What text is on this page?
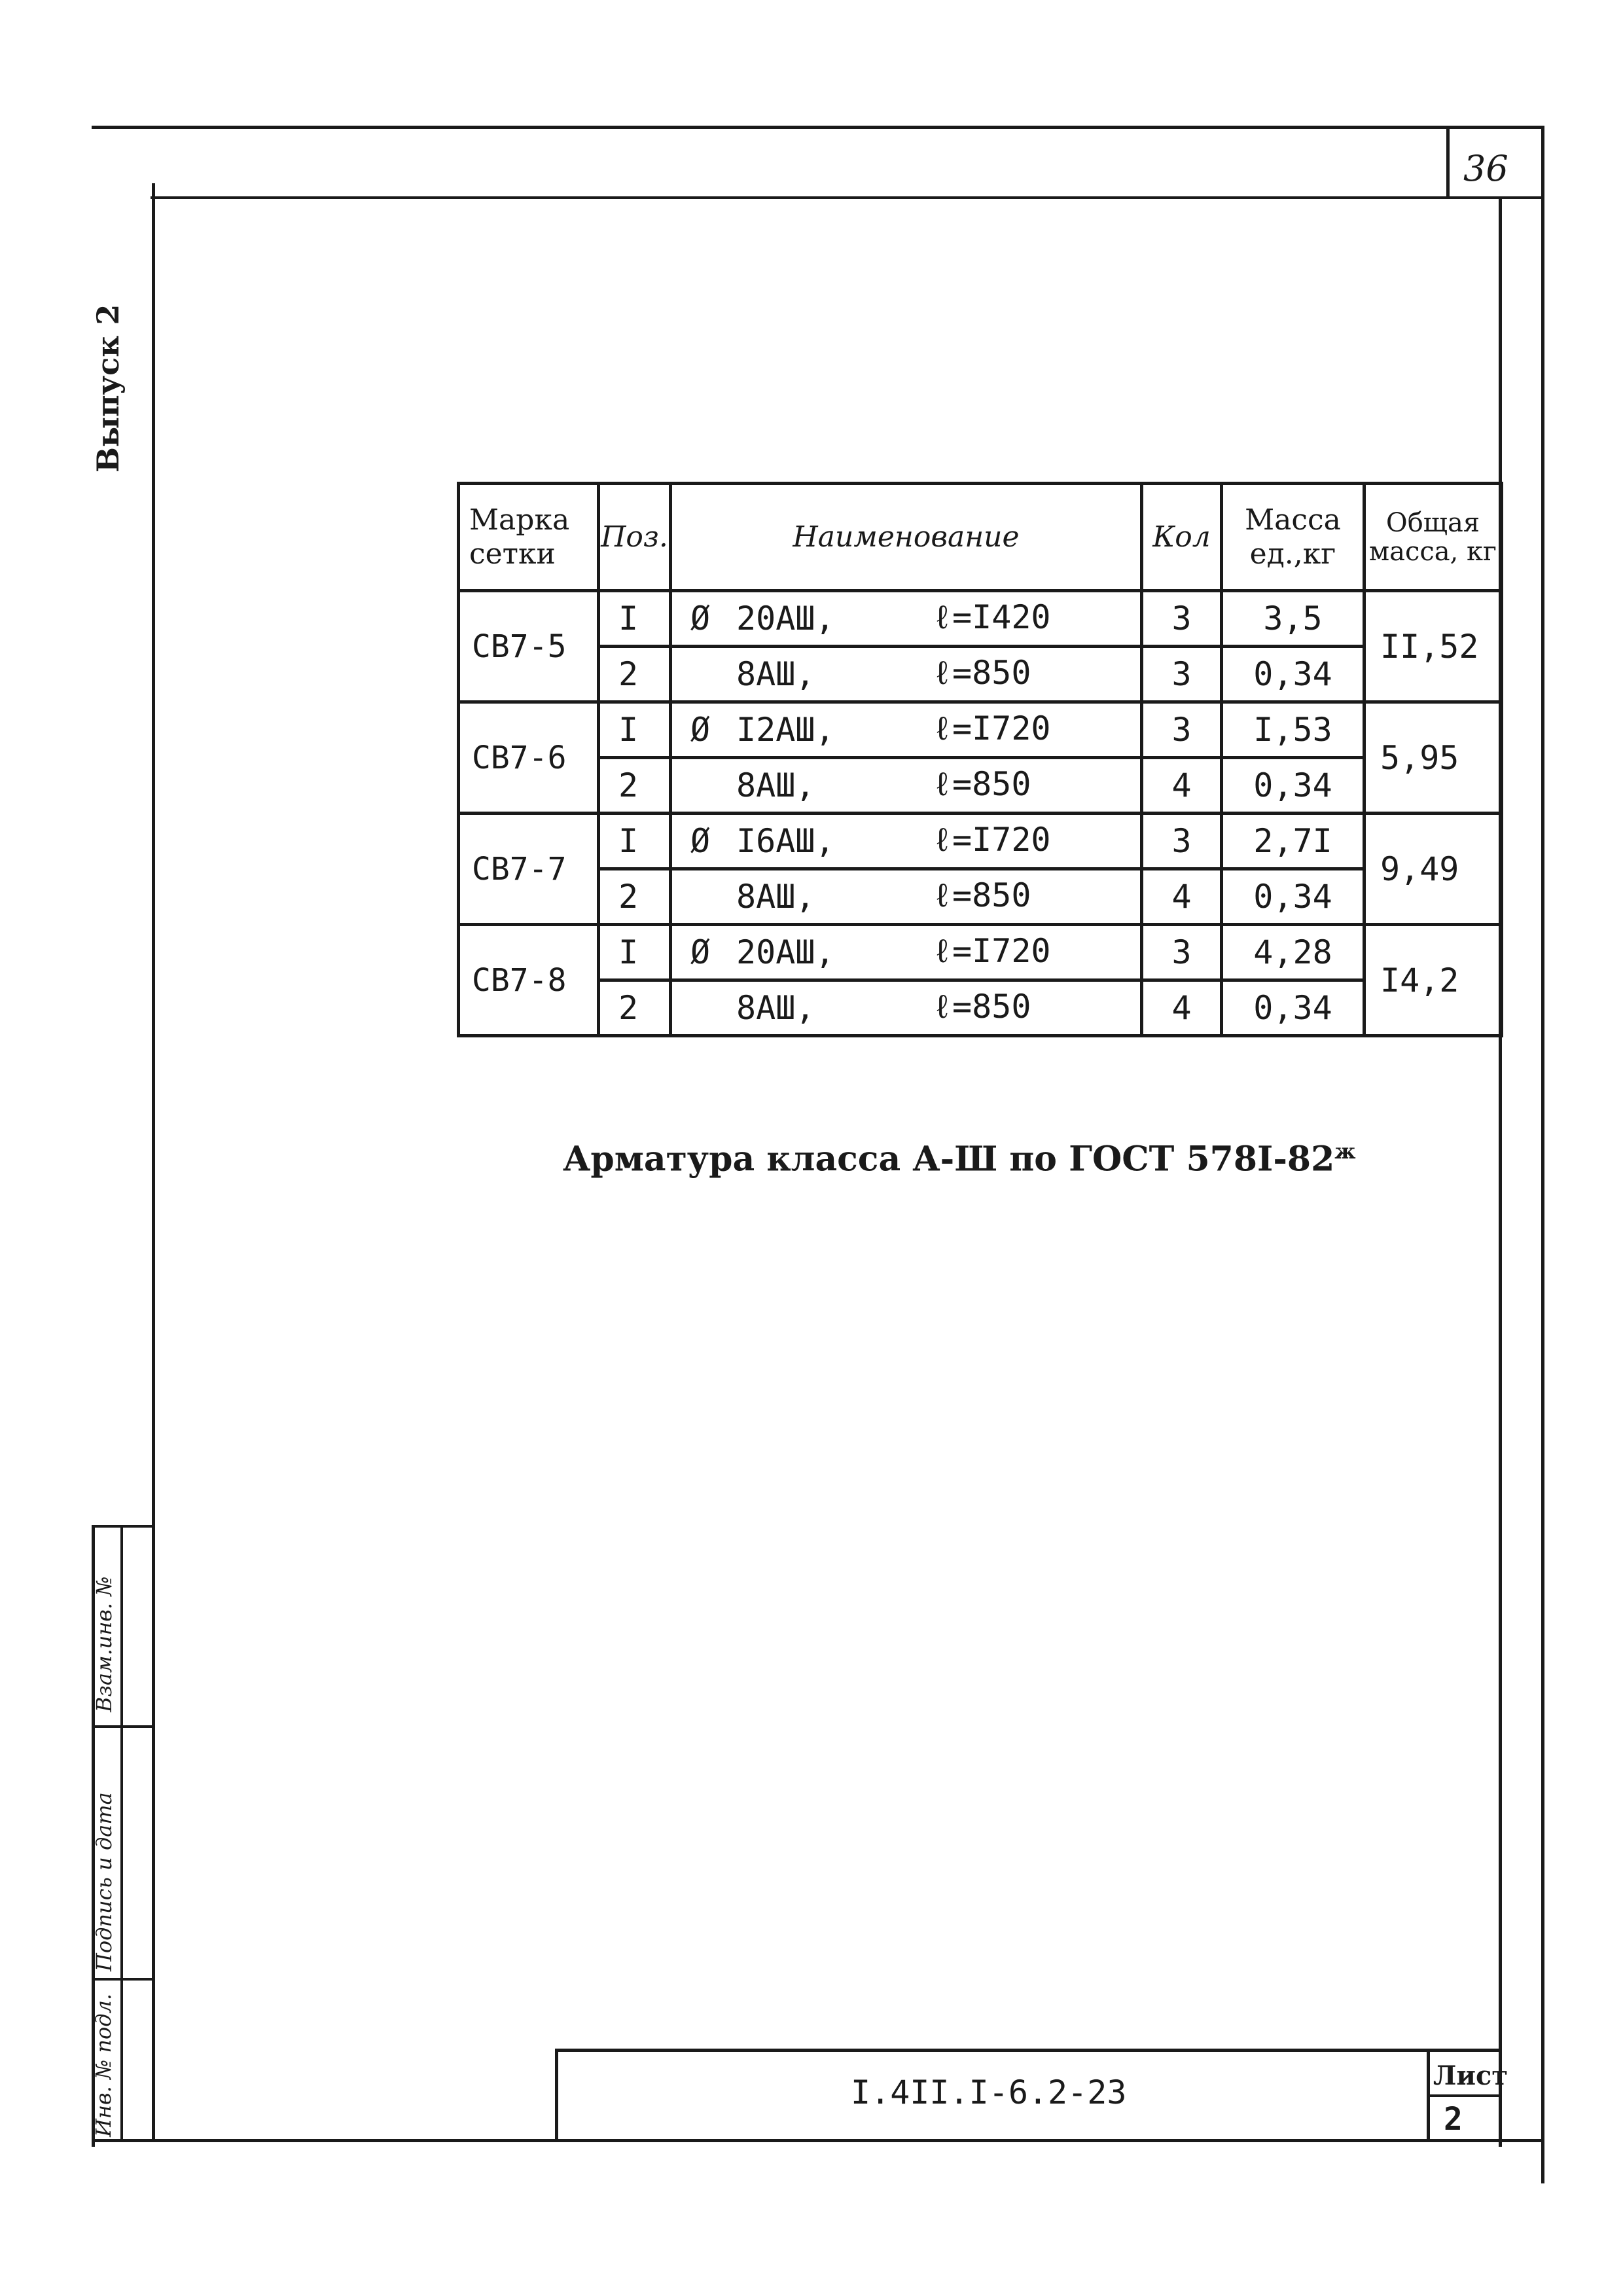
36
Выпуск 2
Инв. № подл.
Подпись и дата
Взам.инв. №
Марка сетки	Поз.	Наименование	Кол	Масса ед.,кг	Общая масса, кг
СВ7-5	I	Ø 20АШ, ℓ=I420	3	3,5	II,52
	2	8АШ, ℓ=850	3	0,34	
СВ7-6	I	Ø I2АШ, ℓ=I720	3	I,53	5,95
	2	8АШ, ℓ=850	4	0,34	
СВ7-7	I	Ø I6АШ, ℓ=I720	3	2,7I	9,49
	2	8АШ, ℓ=850	4	0,34	
СВ7-8	I	Ø 20АШ, ℓ=I720	3	4,28	I4,2
	2	8АШ, ℓ=850	4	0,34	
Арматура класса А-Ш по ГОСТ $578I-82^ж$
I.4II.I-6.2-23	Лист
2
